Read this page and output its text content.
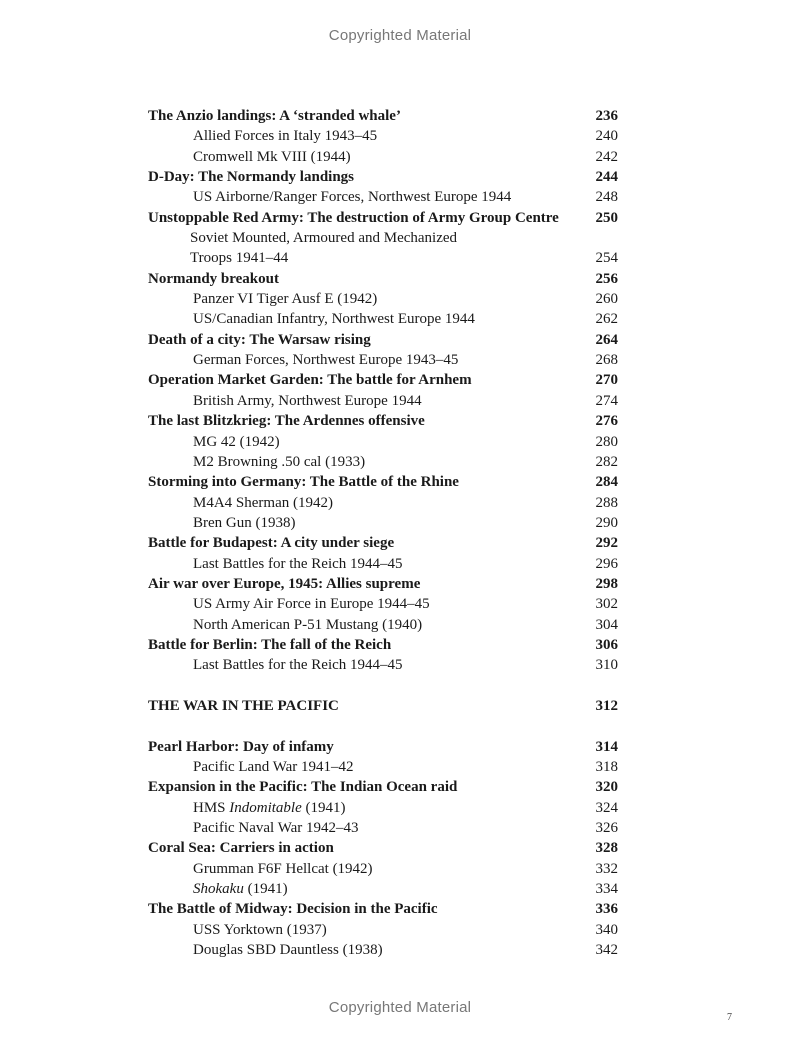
Copyrighted Material
The Anzio landings: A ‘stranded whale’	236
Allied Forces in Italy 1943–45	240
Cromwell Mk VIII (1944)	242
D-Day: The Normandy landings	244
US Airborne/Ranger Forces, Northwest Europe 1944	248
Unstoppable Red Army: The destruction of Army Group Centre 250
Soviet Mounted, Armoured and Mechanized
Troops 1941–44	254
Normandy breakout	256
Panzer VI Tiger Ausf E (1942)	260
US/Canadian Infantry, Northwest Europe 1944	262
Death of a city: The Warsaw rising	264
German Forces, Northwest Europe 1943–45	268
Operation Market Garden: The battle for Arnhem	270
British Army, Northwest Europe 1944	274
The last Blitzkrieg: The Ardennes offensive	276
MG 42 (1942)	280
M2 Browning .50 cal (1933)	282
Storming into Germany: The Battle of the Rhine	284
M4A4 Sherman (1942)	288
Bren Gun (1938)	290
Battle for Budapest: A city under siege	292
Last Battles for the Reich 1944–45	296
Air war over Europe, 1945: Allies supreme	298
US Army Air Force in Europe 1944–45	302
North American P-51 Mustang (1940)	304
Battle for Berlin: The fall of the Reich	306
Last Battles for the Reich 1944–45	310
THE WAR IN THE PACIFIC	312
Pearl Harbor: Day of infamy	314
Pacific Land War 1941–42	318
Expansion in the Pacific: The Indian Ocean raid	320
HMS Indomitable (1941)	324
Pacific Naval War 1942–43	326
Coral Sea: Carriers in action	328
Grumman F6F Hellcat (1942)	332
Shokaku (1941)	334
The Battle of Midway: Decision in the Pacific	336
USS Yorktown (1937)	340
Douglas SBD Dauntless (1938)	342
Copyrighted Material
7
